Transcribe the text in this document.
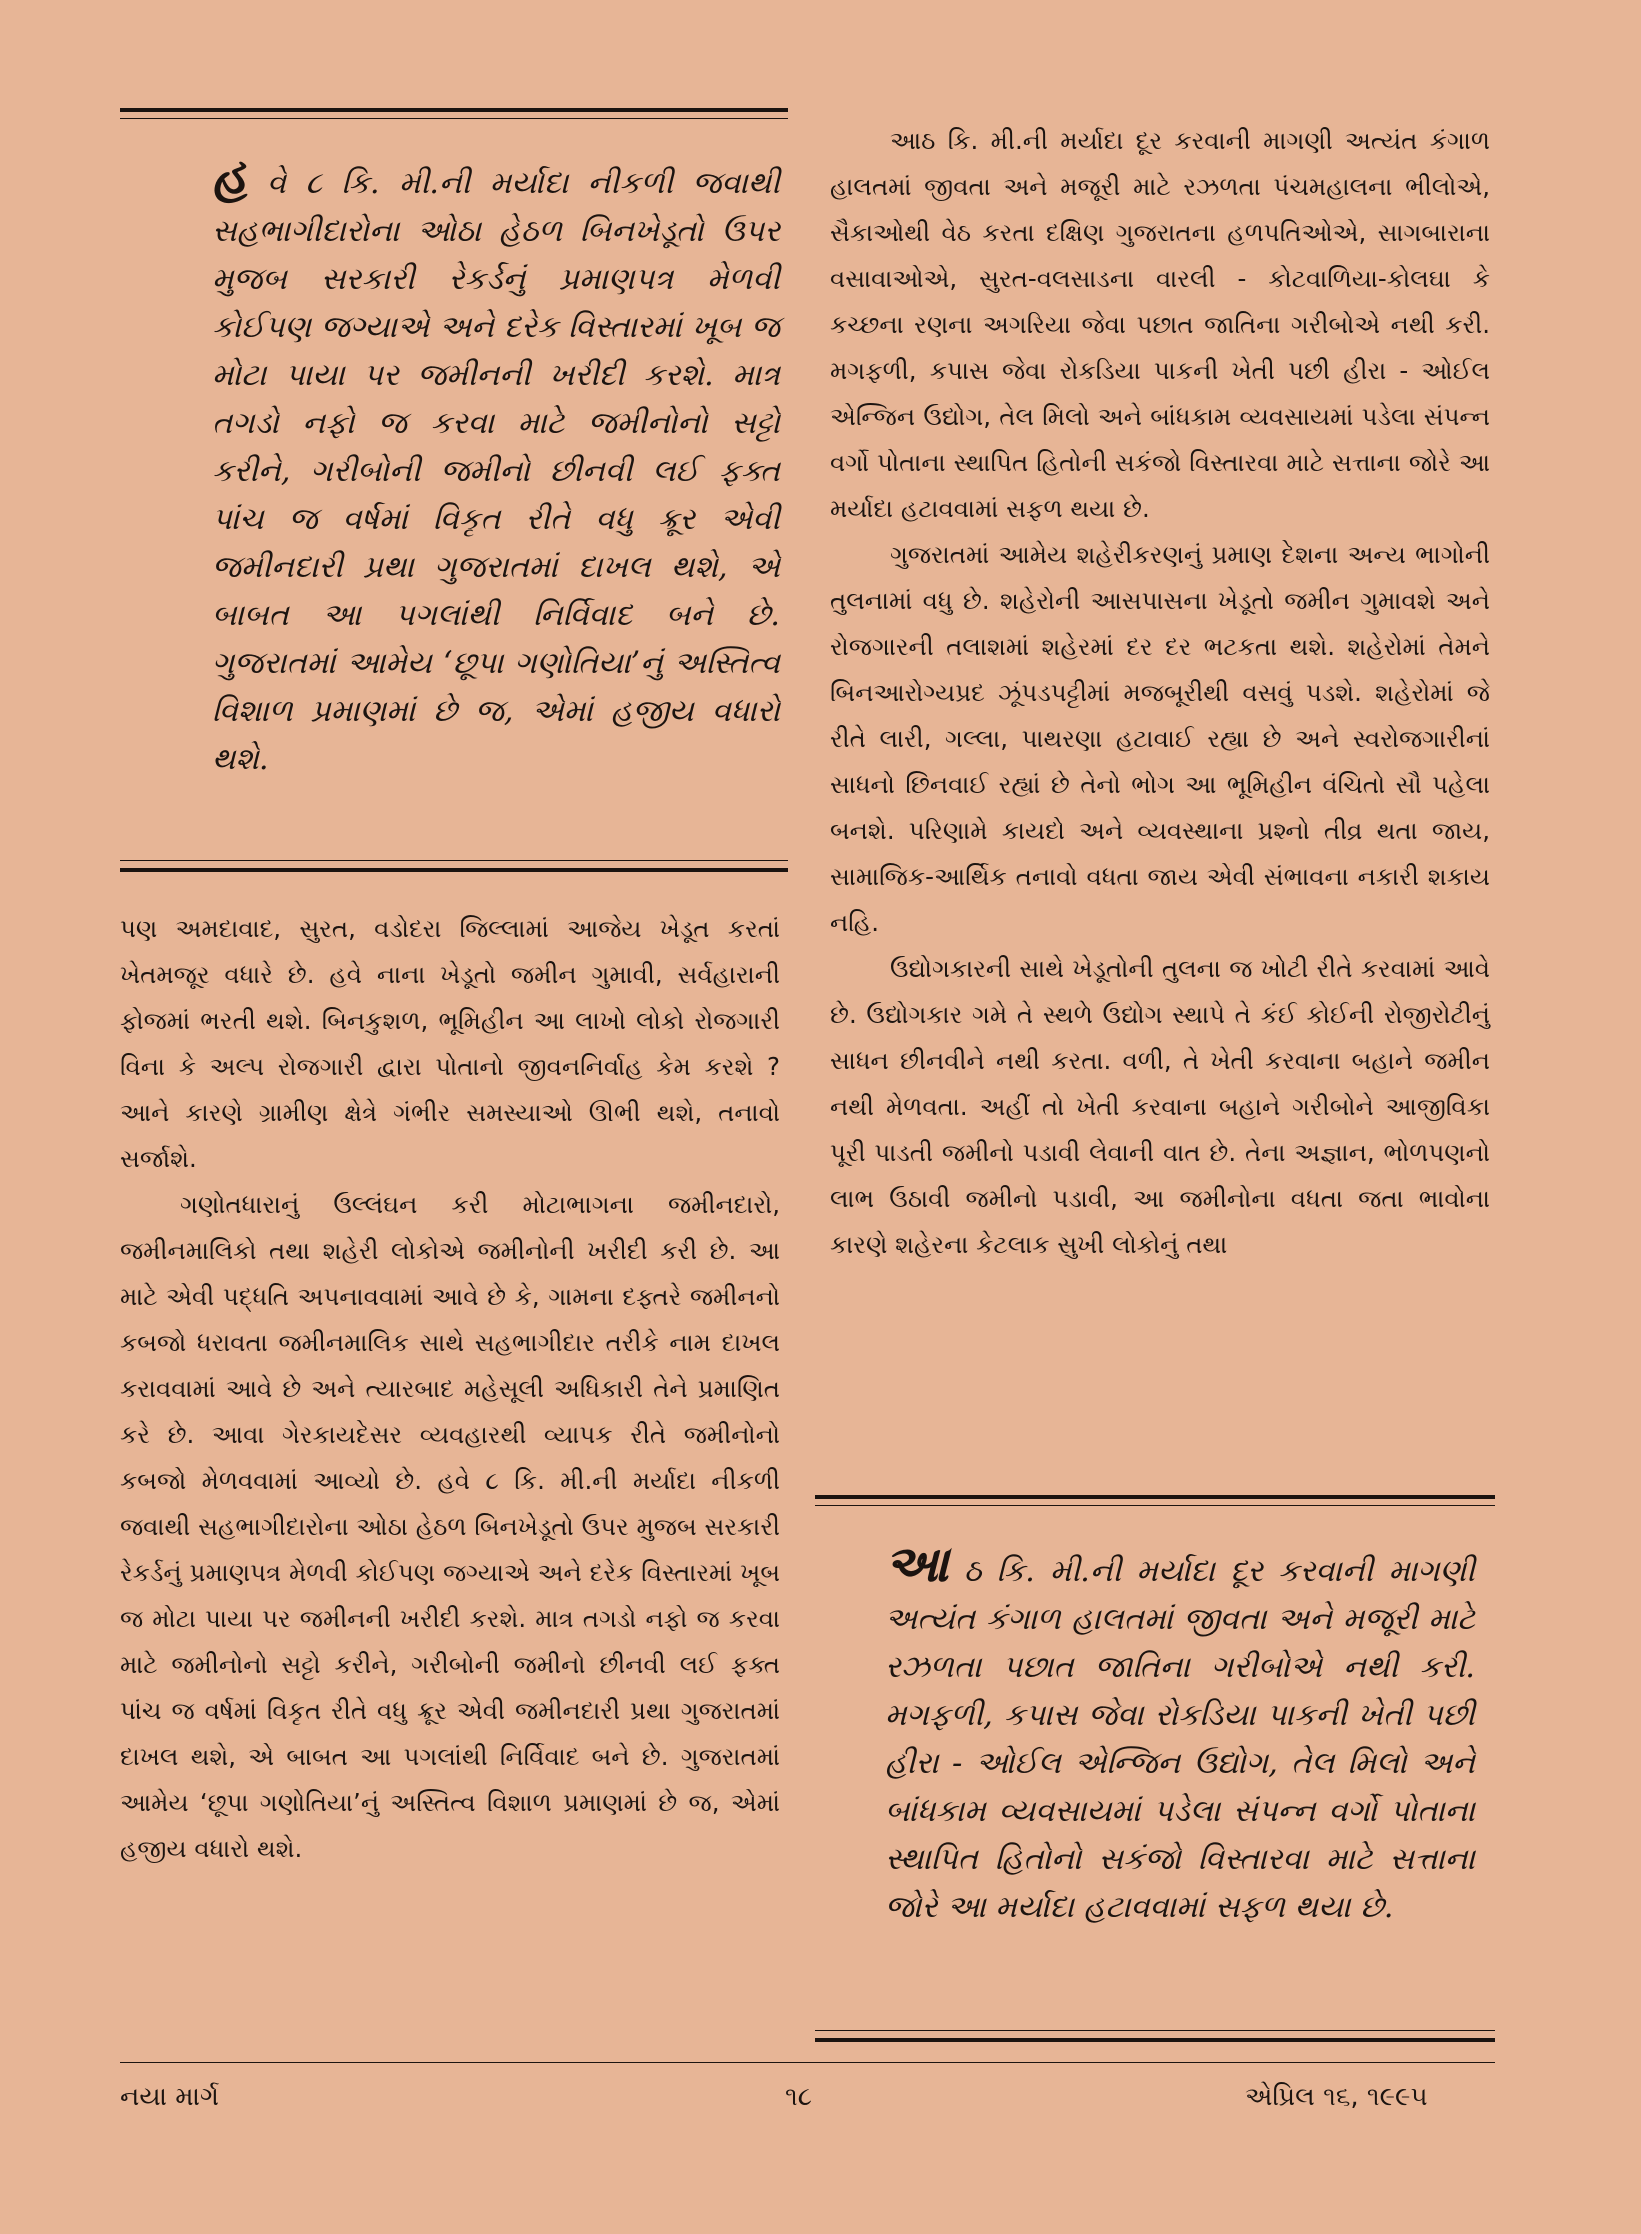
હ વે ૮ કિ. મી.ની મર્યાદા નીકળી જવાથી સહભાગીદારોના ઓઠા હેઠળ બિનખેડૂતો ઉપર મુજબ સરકારી રેકર્ડનું પ્રમાણપત્ર મેળવી કોઈપણ જગ્યાએ અને દરેક વિસ્તારમાં ખૂબ જ મોટા પાયા પર જમીનની ખરીદી કરશે. માત્ર તગડો નફો જ કરવા માટે જમીનોનો સટ્ટો કરીને, ગરીબોની જમીનો છીનવી લઈ ફક્ત પાંચ જ વર્ષમાં વિકૃત રીતે વધુ ક્રૂર એવી જમીનદારી પ્રથા ગુજરાતમાં દાખલ થશે, એ બાબત આ પગલાંથી નિર્વિવાદ બને છે. ગુજરાતમાં આમેય ‘છૂપા ગણોતિયા’નું અસ્તિત્વ વિશાળ પ્રમાણમાં છે જ, એમાં હજીય વધારો થશે.

પણ અમદાવાદ, સુરત, વડોદરા જિલ્લામાં આજેય ખેડૂત કરતાં ખેતમજૂર વધારે છે. હવે નાના ખેડૂતો જમીન ગુમાવી, સર્વહારાની ફોજમાં ભરતી થશે. બિનકુશળ, ભૂમિહીન આ લાખો લોકો રોજગારી વિના કે અલ્પ રોજગારી દ્વારા પોતાનો જીવનનિર્વાહ કેમ કરશે ? આને કારણે ગ્રામીણ ક્ષેત્રે ગંભીર સમસ્યાઓ ઊભી થશે, તનાવો સર્જાશે.

ગણોતધારાનું ઉલ્લંઘન કરી મોટાભાગના જમીનદારો, જમીનમાલિકો તથા શહેરી લોકોએ જમીનોની ખરીદી કરી છે. આ માટે એવી પદ્ધતિ અપનાવવામાં આવે છે કે, ગામના દફ્તરે જમીનનો કબજો ધરાવતા જમીનમાલિક સાથે સહભાગીદાર તરીકે નામ દાખલ કરાવવામાં આવે છે અને ત્યારબાદ મહેસૂલી અધિકારી તેને પ્રમાણિત કરે છે. આવા ગેરકાયદેસર વ્યવહારથી વ્યાપક રીતે જમીનોનો કબજો મેળવવામાં આવ્યો છે. હવે ૮ કિ. મી.ની મર્યાદા નીકળી જવાથી સહભાગીદારોના ઓઠા હેઠળ બિનખેડૂતો ઉપર મુજબ સરકારી રેકર્ડનું પ્રમાણપત્ર મેળવી કોઈપણ જગ્યાએ અને દરેક વિસ્તારમાં ખૂબ જ મોટા પાયા પર જમીનની ખરીદી કરશે. માત્ર તગડો નફો જ કરવા માટે જમીનોનો સટ્ટો કરીને, ગરીબોની જમીનો છીનવી લઈ ફક્ત પાંચ જ વર્ષમાં વિકૃત રીતે વધુ ક્રૂર એવી જમીનદારી પ્રથા ગુજરાતમાં દાખલ થશે, એ બાબત આ પગલાંથી નિર્વિવાદ બને છે. ગુજરાતમાં આમેય ‘છૂપા ગણોતિયા’નું અસ્તિત્વ વિશાળ પ્રમાણમાં છે જ, એમાં હજીય વધારો થશે.

આઠ કિ. મી.ની મર્યાદા દૂર કરવાની માગણી અત્યંત કંગાળ હાલતમાં જીવતા અને મજૂરી માટે રઝળતા પંચમહાલના ભીલોએ, સૈકાઓથી વેઠ કરતા દક્ષિણ ગુજરાતના હળપતિઓએ, સાગબારાના વસાવાઓએ, સુરત-વલસાડના વારલી - કોટવાળિયા-કોલઘા કે કચ્છના રણના અગરિયા જેવા પછાત જાતિના ગરીબોએ નથી કરી. મગફળી, કપાસ જેવા રોકડિયા પાકની ખેતી પછી હીરા - ઓઈલ એન્જિન ઉદ્યોગ, તેલ મિલો અને બાંધકામ વ્યવસાયમાં પડેલા સંપન્ન વર્ગો પોતાના સ્થાપિત હિતોની સકંજો વિસ્તારવા માટે સત્તાના જોરે આ મર્યાદા હટાવવામાં સફળ થયા છે.

ગુજરાતમાં આમેય શહેરીકરણનું પ્રમાણ દેશના અન્ય ભાગોની તુલનામાં વધુ છે. શહેરોની આસપાસના ખેડૂતો જમીન ગુમાવશે અને રોજગારની તલાશમાં શહેરમાં દર દર ભટકતા થશે. શહેરોમાં તેમને બિનઆરોગ્યપ્રદ ઝૂંપડપટ્ટીમાં મજબૂરીથી વસવું પડશે. શહેરોમાં જે રીતે લારી, ગલ્લા, પાથરણા હટાવાઈ રહ્યા છે અને સ્વરોજગારીનાં સાધનો છિનવાઈ રહ્યાં છે તેનો ભોગ આ ભૂમિહીન વંચિતો સૌ પહેલા બનશે. પરિણામે કાયદો અને વ્યવસ્થાના પ્રશ્નો તીવ્ર થતા જાય, સામાજિક-આર્થિક તનાવો વધતા જાય એવી સંભાવના નકારી શકાય નહિ.

ઉદ્યોગકારની સાથે ખેડૂતોની તુલના જ ખોટી રીતે કરવામાં આવે છે. ઉદ્યોગકાર ગમે તે સ્થળે ઉદ્યોગ સ્થાપે તે કંઈ કોઈની રોજીરોટીનું સાધન છીનવીને નથી કરતા. વળી, તે ખેતી કરવાના બહાને જમીન નથી મેળવતા. અહીં તો ખેતી કરવાના બહાને ગરીબોને આજીવિકા પૂરી પાડતી જમીનો પડાવી લેવાની વાત છે. તેના અજ્ઞાન, ભોળપણનો લાભ ઉઠાવી જમીનો પડાવી, આ જમીનોના વધતા જતા ભાવોના કારણે શહેરના કેટલાક સુખી લોકોનું તથા

આ ઠ કિ. મી.ની મર્યાદા દૂર કરવાની માગણી અત્યંત કંગાળ હાલતમાં જીવતા અને મજૂરી માટે રઝળતા પછાત જાતિના ગરીબોએ નથી કરી. મગફળી, કપાસ જેવા રોકડિયા પાકની ખેતી પછી હીરા - ઓઈલ એન્જિન ઉદ્યોગ, તેલ મિલો અને બાંધકામ વ્યવસાયમાં પડેલા સંપન્ન વર્ગો પોતાના સ્થાપિત હિતોનો સકંજો વિસ્તારવા માટે સત્તાના જોરે આ મર્યાદા હટાવવામાં સફળ થયા છે.

નયા માર્ગ	૧૮	એપ્રિલ ૧૬, ૧૯૯૫
